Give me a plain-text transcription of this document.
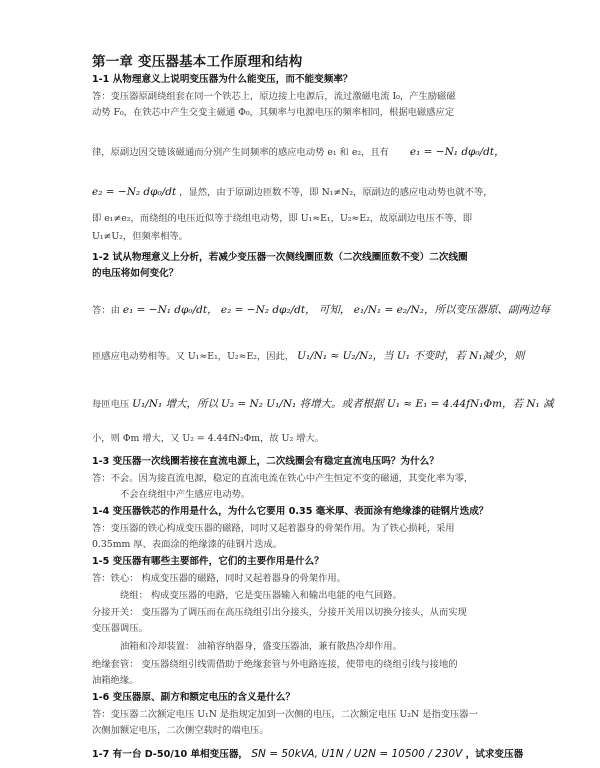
第一章 变压器基本工作原理和结构
1-1 从物理意义上说明变压器为什么能变压，而不能变频率？
答：变压器原副绕组套在同一个铁芯上，原边接上电源后，流过激磁电流 I₀，产生励磁磁
动势 F₀，在铁芯中产生交变主磁通 Φ₀，其频率与电源电压的频率相同，根据电磁感应定
律，原副边因交链该磁通而分别产生同频率的感应电动势 e₁ 和 e₂，且有 e₁ = −N₁ dφ₀/dt，
e₂ = −N₂ dφ₀/dt ，显然，由于原副边匝数不等，即 N₁≠N₂，原副边的感应电动势也就不等，
即 e₁≠e₂，而绕组的电压近似等于绕组电动势，即 U₁≈E₁，U₂≈E₂，故原副边电压不等，即
U₁≠U₂，但频率相等。
1-2 试从物理意义上分析，若减少变压器一次侧线圈匝数（二次线圈匝数不变）二次线圈
的电压将如何变化？
答：由 e₁ = −N₁ dφ₀/dt， e₂ = −N₂ dφ₂/dt， 可知， e₁/N₁ = e₂/N₂，所以变压器原、副两边每
匝感应电动势相等。又 U₁≈E₁，U₂≈E₂，因此， U₁/N₁ ≈ U₂/N₂，当 U₁ 不变时，若 N₁减少，则
每匝电压 U₁/N₁ 增大，所以 U₂ = N₂ U₁/N₁ 将增大。或者根据 U₁ ≈ E₁ = 4.44fN₁Φm，若 N₁ 减
小，则 Φm 增大，又 U₂ = 4.44fN₂Φm，故 U₂ 增大。
1-3 变压器一次线圈若接在直流电源上，二次线圈会有稳定直流电压吗？为什么？
答：不会。因为接直流电源，稳定的直流电流在铁心中产生恒定不变的磁通，其变化率为零，
不会在绕组中产生感应电动势。
1-4 变压器铁芯的作用是什么，为什么它要用 0.35 毫米厚、表面涂有绝缘漆的硅钢片迭成？
答：变压器的铁心构成变压器的磁路，同时又起着器身的骨架作用。为了铁心损耗，采用
0.35mm 厚、表面涂的绝缘漆的硅钢片迭成。
1-5 变压器有哪些主要部件，它们的主要作用是什么？
答：铁心： 构成变压器的磁路，同时又起着器身的骨架作用。
绕组： 构成变压器的电路，它是变压器输入和输出电能的电气回路。
分接开关： 变压器为了调压而在高压绕组引出分接头，分接开关用以切换分接头，从而实现
变压器调压。
油箱和冷却装置： 油箱容纳器身，盛变压器油，兼有散热冷却作用。
绝缘套管： 变压器绕组引线需借助于绝缘套管与外电路连接，使带电的绕组引线与接地的
油箱绝缘。
1-6 变压器原、副方和额定电压的含义是什么？
答：变压器二次额定电压 U₁N 是指规定加到一次侧的电压，二次额定电压 U₂N 是指变压器一
次侧加额定电压，二次侧空载时的端电压。
1-7 有一台 D-50/10 单相变压器， SN = 50kVA, U1N / U2N = 10500 / 230V ，试求变压器
